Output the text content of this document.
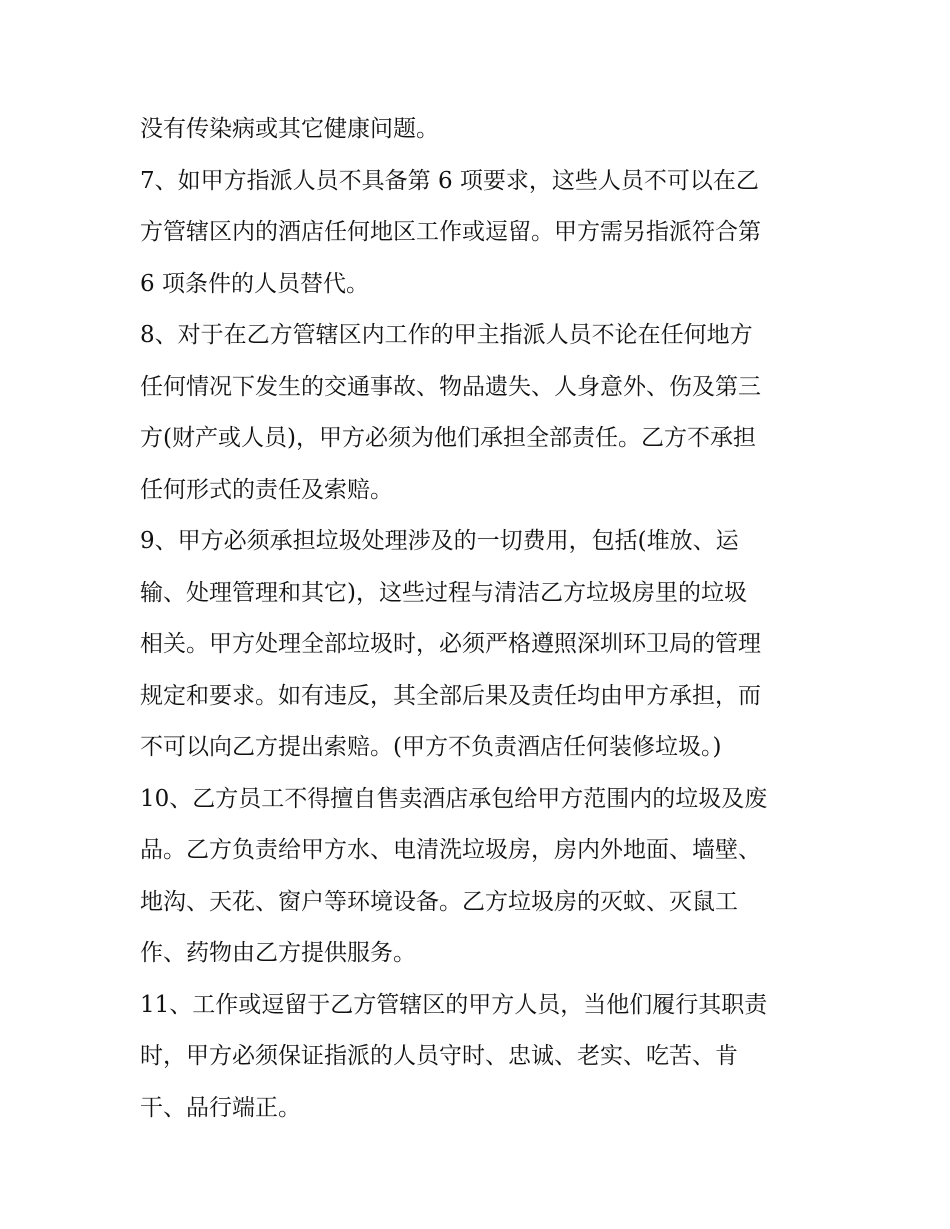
没有传染病或其它健康问题。
7、如甲方指派人员不具备第 6 项要求，这些人员不可以在乙
方管辖区内的酒店任何地区工作或逗留。甲方需另指派符合第
6 项条件的人员替代。
8、对于在乙方管辖区内工作的甲主指派人员不论在任何地方
任何情况下发生的交通事故、物品遗失、人身意外、伤及第三
方(财产或人员)，甲方必须为他们承担全部责任。乙方不承担
任何形式的责任及索赔。
9、甲方必须承担垃圾处理涉及的一切费用，包括(堆放、运
输、处理管理和其它)，这些过程与清洁乙方垃圾房里的垃圾
相关。甲方处理全部垃圾时，必须严格遵照深圳环卫局的管理
规定和要求。如有违反，其全部后果及责任均由甲方承担，而
不可以向乙方提出索赔。(甲方不负责酒店任何装修垃圾。)
10、乙方员工不得擅自售卖酒店承包给甲方范围内的垃圾及废
品。乙方负责给甲方水、电清洗垃圾房，房内外地面、墙壁、
地沟、天花、窗户等环境设备。乙方垃圾房的灭蚊、灭鼠工
作、药物由乙方提供服务。
11、工作或逗留于乙方管辖区的甲方人员，当他们履行其职责
时，甲方必须保证指派的人员守时、忠诚、老实、吃苦、肯
干、品行端正。
